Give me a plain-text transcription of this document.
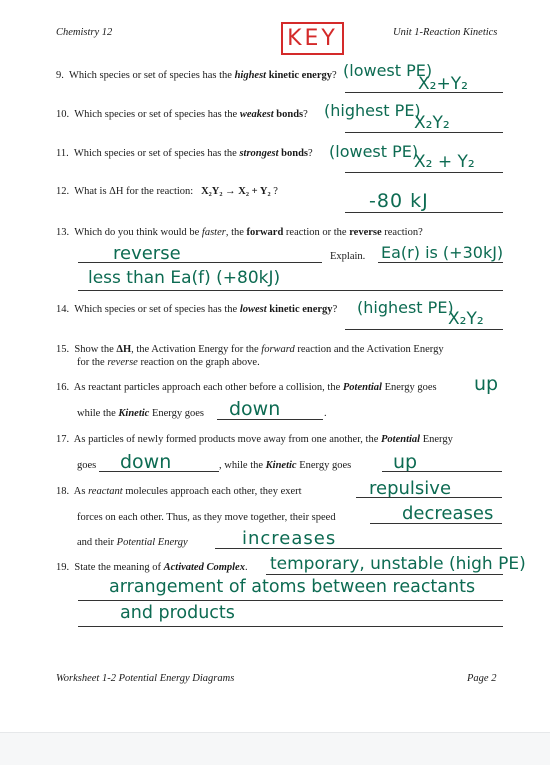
Chemistry 12	KEY	Unit 1-Reaction Kinetics
9. Which species or set of species has the highest kinetic energy? (lowest PE)
X₂+Y₂
10. Which species or set of species has the weakest bonds? (highest PE)
X₂Y₂
11. Which species or set of species has the strongest bonds? (lowest PE)
X₂ + Y₂
12. What is ΔH for the reaction: X₂Y₂ → X₂ + Y₂ ?	-80 kJ
13. Which do you think would be faster, the forward reaction or the reverse reaction?
reverse	Explain. Ea(r) is (+30kJ)
less than Ea(f) (+80kJ)
14. Which species or set of species has the lowest kinetic energy? (highest PE)
X₂Y₂
15. Show the ΔH, the Activation Energy for the forward reaction and the Activation Energy
for the reverse reaction on the graph above.
16. As reactant particles approach each other before a collision, the Potential Energy goes up
while the Kinetic Energy goes down	.
17. As particles of newly formed products move away from one another, the Potential Energy
goes down	, while the Kinetic Energy goes up
18. As reactant molecules approach each other, they exert	repulsive
forces on each other. Thus, as they move together, their speed	decreases
and their Potential Energy	increases
19. State the meaning of Activated Complex. temporary, unstable (high PE)
arrangement of atoms between reactants
and products
Worksheet 1-2 Potential Energy Diagrams	Page 2
